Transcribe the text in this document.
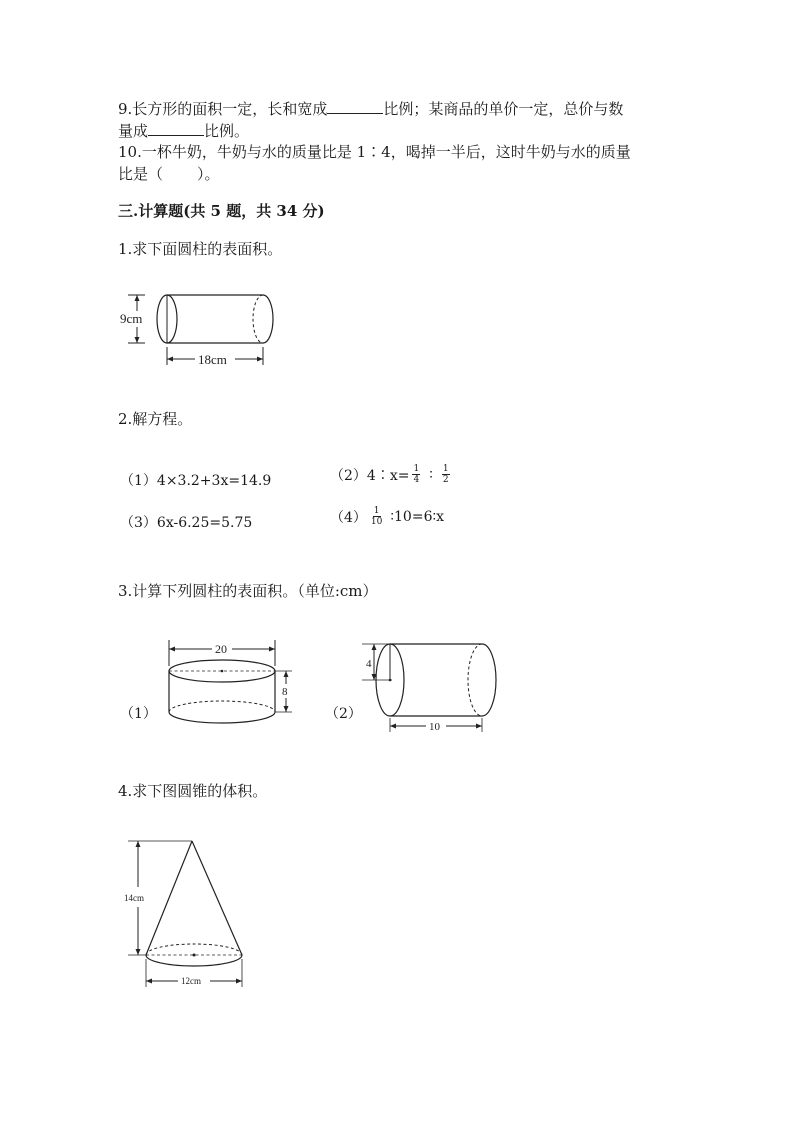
9.长方形的面积一定，长和宽成	比例；某商品的单价一定，总价与数
量成	比例。
10.一杯牛奶，牛奶与水的质量比是 1∶4，喝掉一半后，这时牛奶与水的质量
比是（ ）。
三.计算题(共 5 题，共 34 分)
1.求下面圆柱的表面积。
9cm
18cm
2.解方程。
（1）4×3.2+3x=14.9	（2）4∶x= $\frac{1}{4}$ ∶ $\frac{1}{2}$
（3）6x-6.25=5.75	$(4) \frac{1}{10}$ ∶10=6∶x
3.计算下列圆柱的表面积。（单位:cm）
（1）
20
8
（2）
4
10
4.求下图圆锥的体积。
14cm
12cm
